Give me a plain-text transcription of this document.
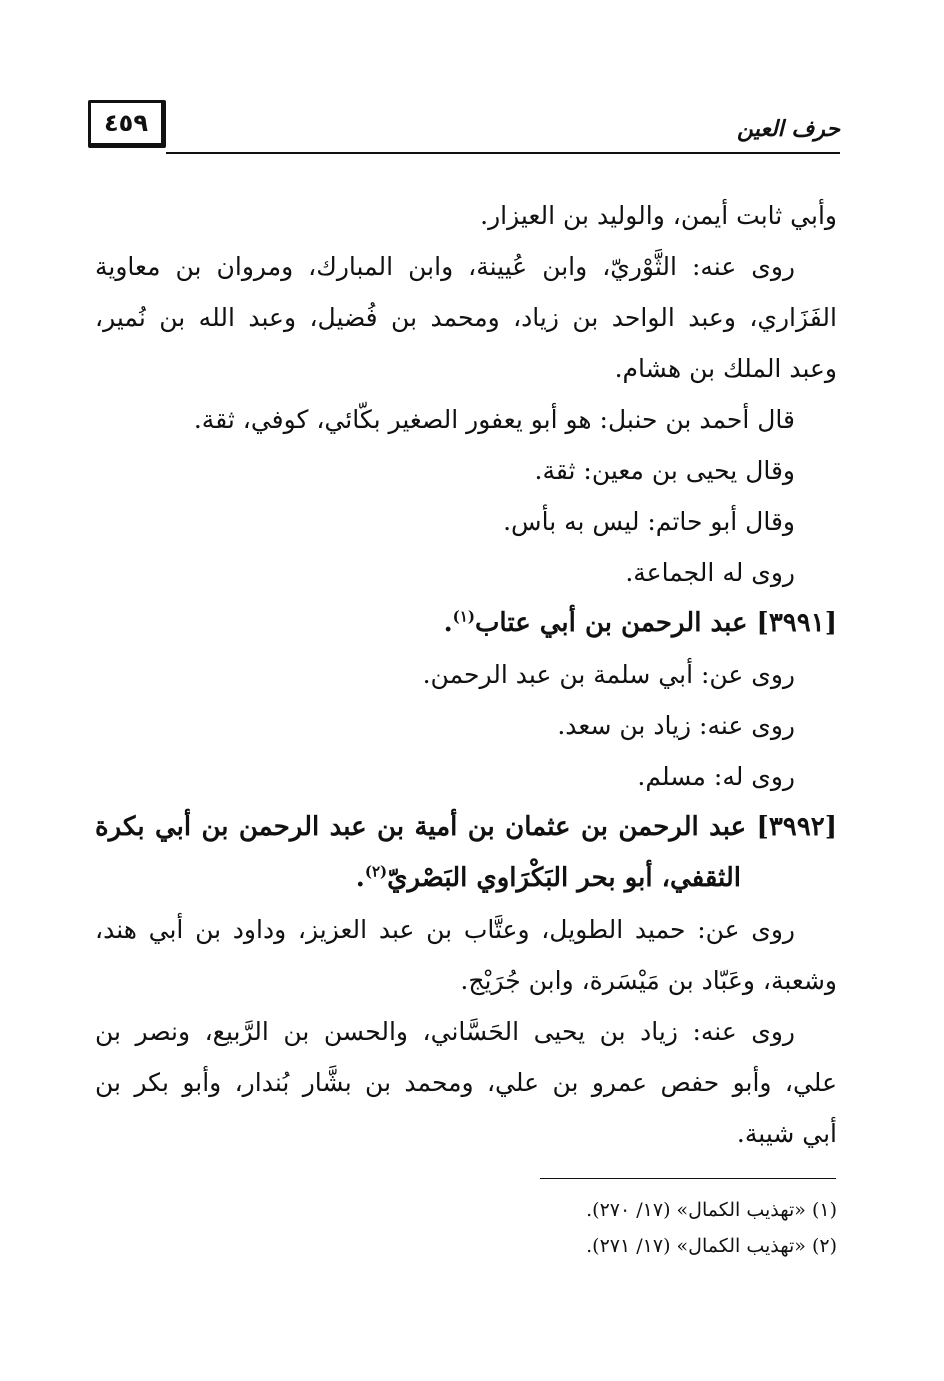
٤٥٩	حرف العين
وأبي ثابت أيمن، والوليد بن العيزار.
روى عنه: الثَّوْريّ، وابن عُيينة، وابن المبارك، ومروان بن معاوية
الفَزَاري، وعبد الواحد بن زياد، ومحمد بن فُضيل، وعبد الله بن نُمير،
وعبد الملك بن هشام.
قال أحمد بن حنبل: هو أبو يعفور الصغير بكّائي، كوفي، ثقة.
وقال يحيى بن معين: ثقة.
وقال أبو حاتم: ليس به بأس.
روى له الجماعة.
[٣٩٩١] عبد الرحمن بن أبي عتاب$^{(١)}$.
روى عن: أبي سلمة بن عبد الرحمن.
روى عنه: زياد بن سعد.
روى له: مسلم.
[٣٩٩٢] عبد الرحمن بن عثمان بن أمية بن عبد الرحمن بن أبي بكرة
الثقفي، أبو بحر البَكْرَاوي البَصْريّ$^{(٢)}$.
روى عن: حميد الطويل، وعتَّاب بن عبد العزيز، وداود بن أبي هند،
وشعبة، وعَبّاد بن مَيْسَرة، وابن جُرَيْج.
روى عنه: زياد بن يحيى الحَسَّاني، والحسن بن الرَّبيع، ونصر بن
علي، وأبو حفص عمرو بن علي، ومحمد بن بشَّار بُندار، وأبو بكر بن
أبي شيبة.
(١) «تهذيب الكمال» (١٧/ ٢٧٠).
(٢) «تهذيب الكمال» (١٧/ ٢٧١).
